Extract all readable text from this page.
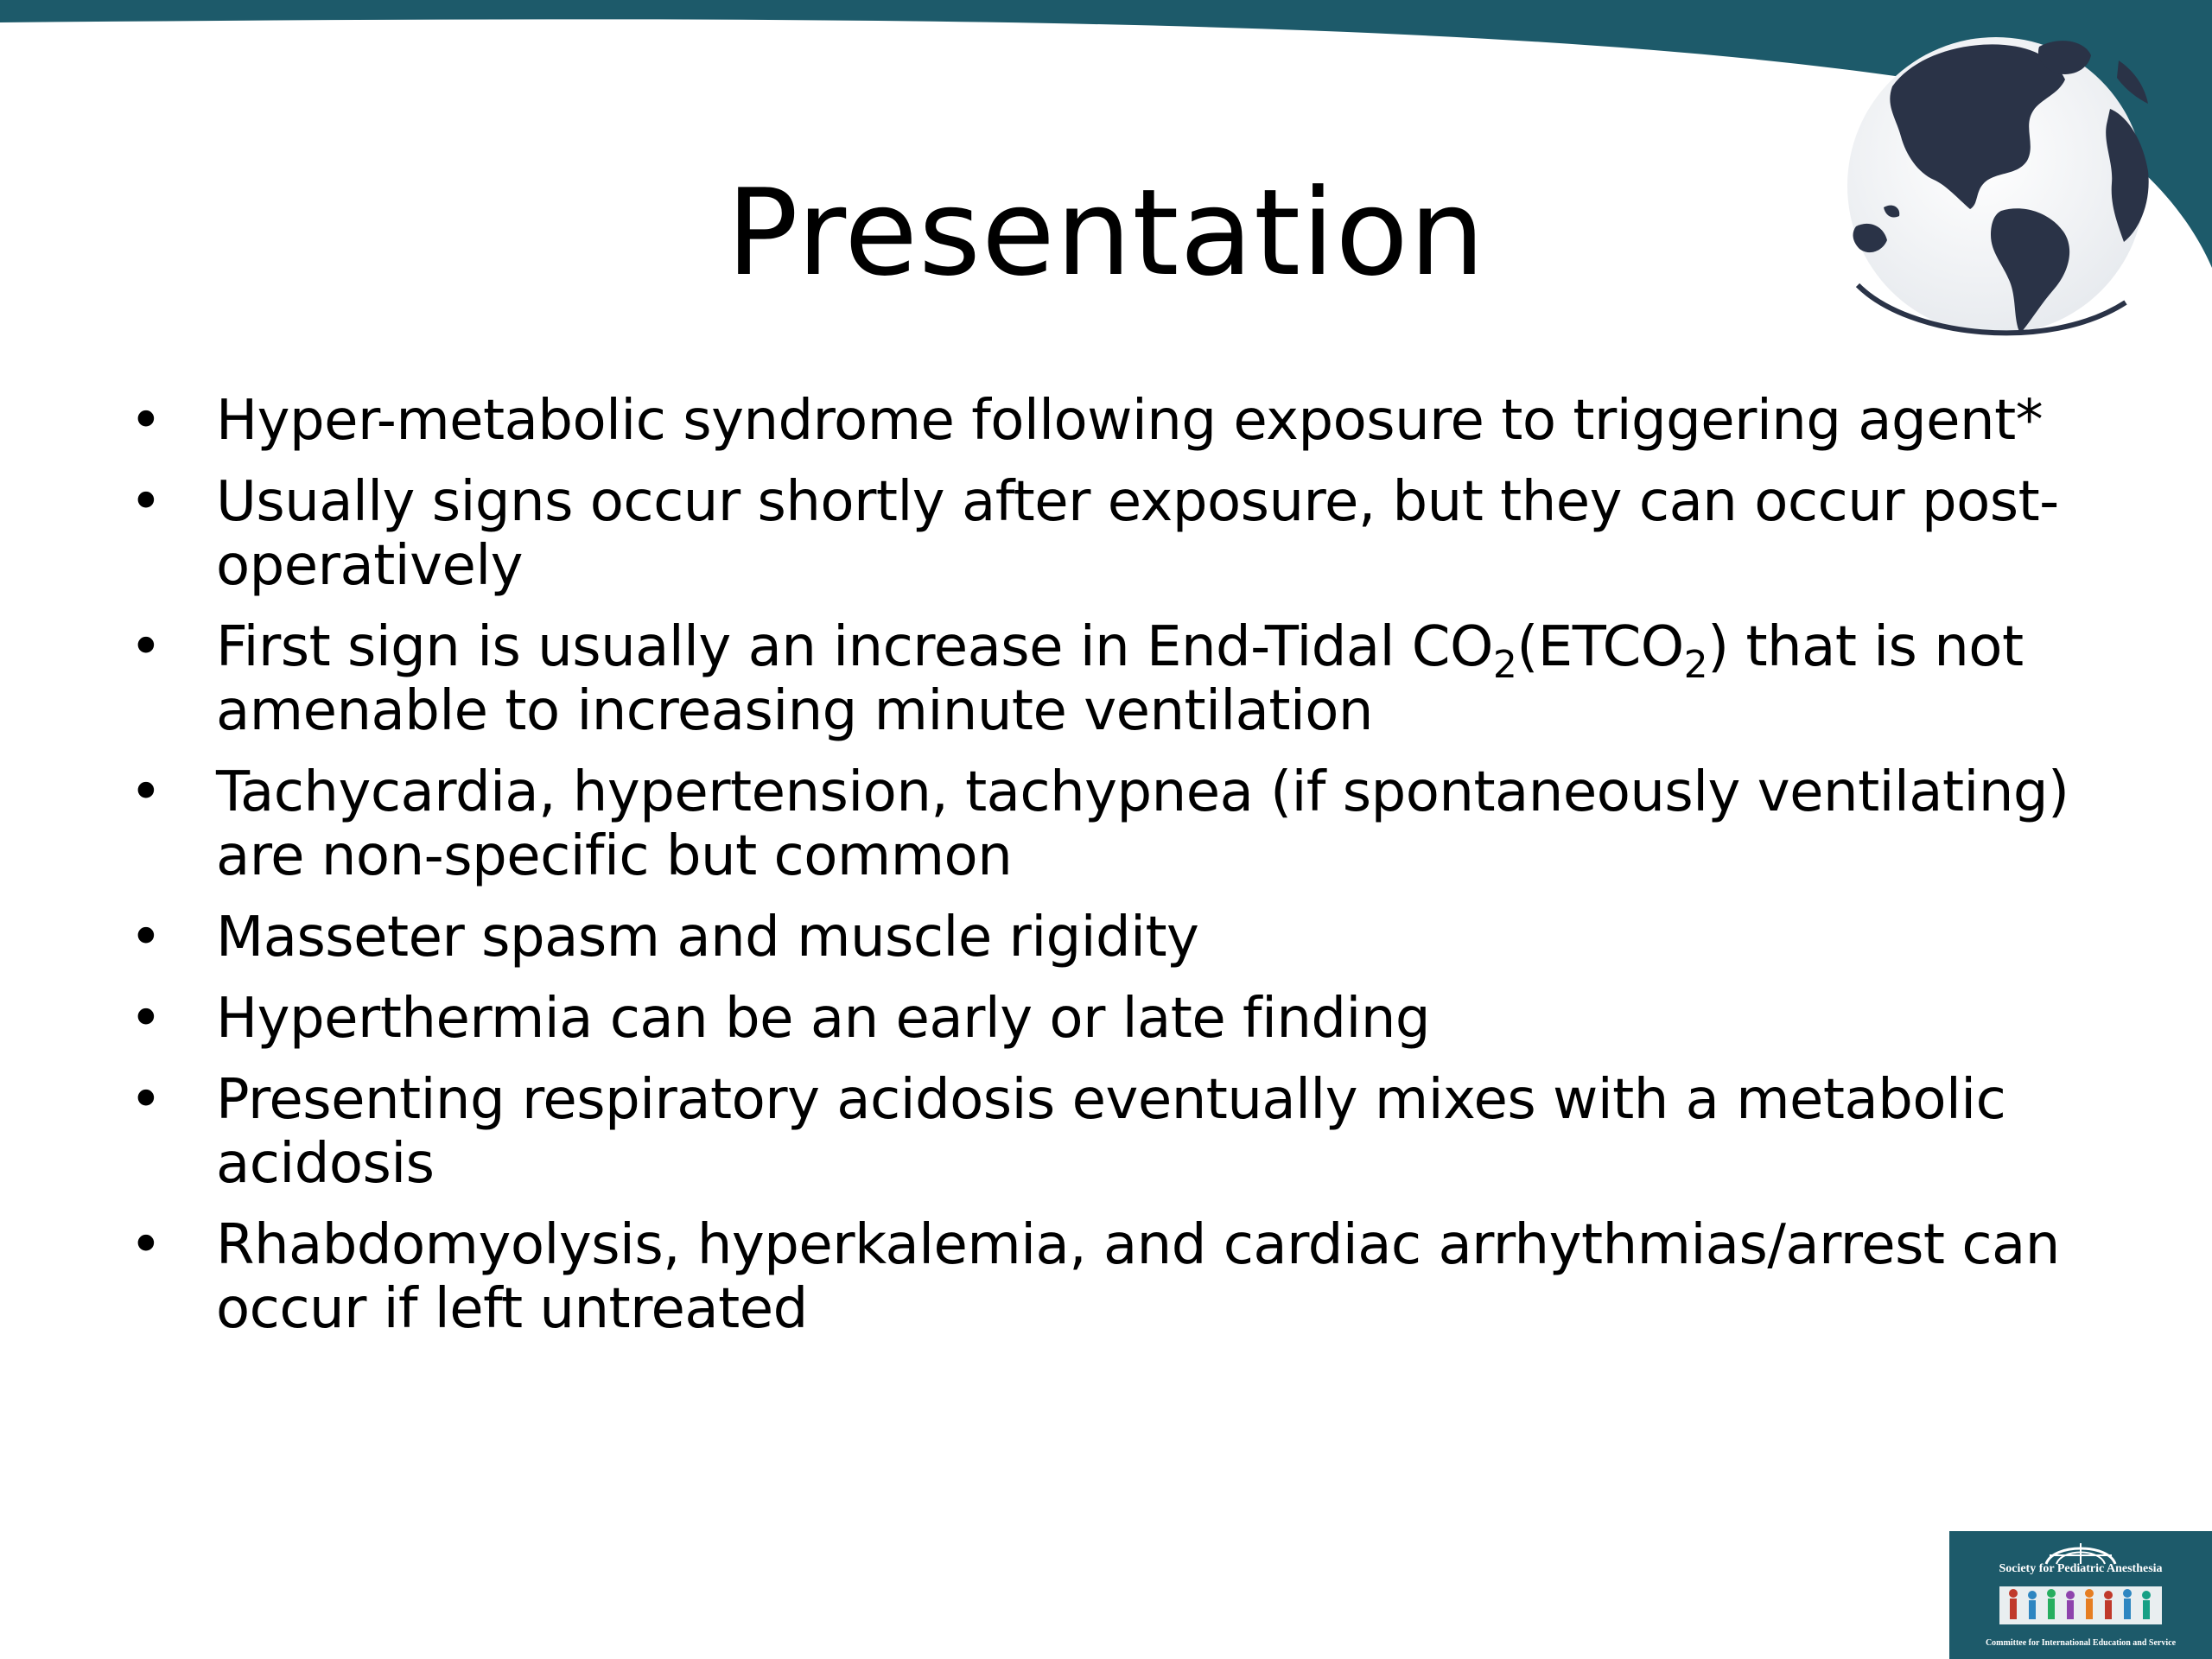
Presentation
• Hyper-metabolic syndrome following exposure to triggering agent*
• Usually signs occur shortly after exposure, but they can occur post-operatively
• First sign is usually an increase in End-Tidal $CO_2(ETCO_2)$ that is not amenable to increasing minute ventilation
• Tachycardia, hypertension, tachypnea (if spontaneously ventilating) are non-specific but common
• Masseter spasm and muscle rigidity
• Hyperthermia can be an early or late finding
• Presenting respiratory acidosis eventually mixes with a metabolic acidosis
• Rhabdomyolysis, hyperkalemia, and cardiac arrhythmias/arrest can occur if left untreated
Society for Pediatric Anesthesia
Committee for International Education and Service
